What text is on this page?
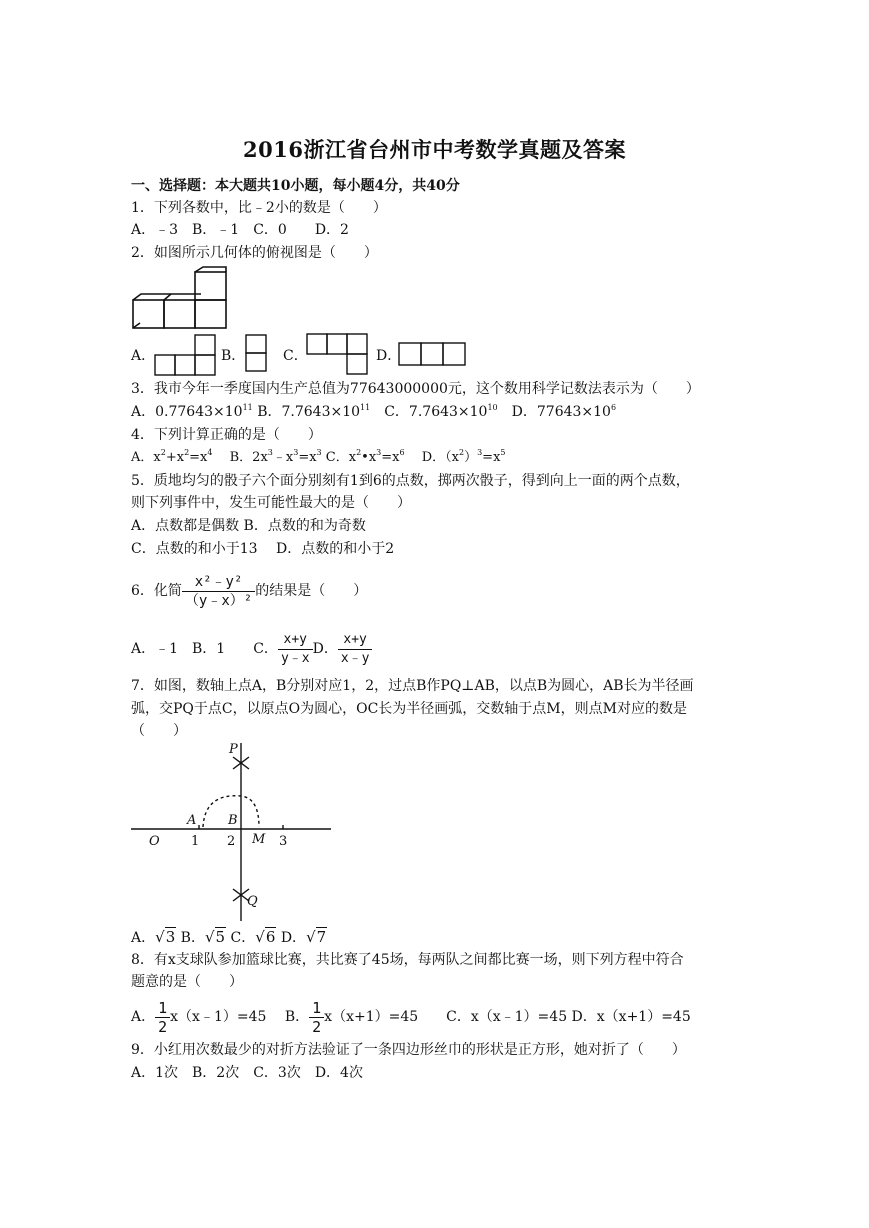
2016浙江省台州市中考数学真题及答案
一、选择题：本大题共10小题，每小题4分，共40分
1．下列各数中，比﹣2小的数是（　　）
A．﹣3　B．﹣1　C．0　　D．2
2．如图所示几何体的俯视图是（　　）
A．	B．	C．	D．
3．我市今年一季度国内生产总值为77643000000元，这个数用科学记数法表示为（　　）
A．$0.77643\times 10^{11}$ B．$7.7643\times 10^{11}$　C．$7.7643\times 10^{10}$　D．$77643\times 10^6$
4．下列计算正确的是（　　）
A．$x^2+x^2=x^4$　 B．$2x^3﹣x^3=x^3$ C．$x^2•x^3=x^6$　 D．$(x^2)^3=x^5$
5．质地均匀的骰子六个面分别刻有1到6的点数，掷两次骰子，得到向上一面的两个点数，
则下列事件中，发生可能性最大的是（　　）
A．点数都是偶数 B．点数的和为奇数
C．点数的和小于13　 D．点数的和小于2
6．化简 $\frac{\text{x²﹣y²}}{\text{（y﹣x）²}}$ 的结果是（　　）
A．﹣1　B．1　　C． $\frac{x+y}{y﹣x}$ D． $\frac{x+y}{x﹣y}$
7．如图，数轴上点A，B分别对应1，2，过点B作PQ⊥AB，以点B为圆心，AB长为半径画
弧，交PQ于点C，以原点O为圆心，OC长为半径画弧，交数轴于点M，则点M对应的数是
（　　）
P
Q
O
A B
M
1 2	3
A．√3 B．√5 C．√6 D．√7
8．有x支球队参加篮球比赛，共比赛了45场，每两队之间都比赛一场，则下列方程中符合
题意的是（　　）
A． $\frac{1}{2}$ x（x﹣1）=45　 B． $\frac{1}{2} x(x+1)=45$　　C．x（x﹣1）=45 D．x（x+1）=45
9．小红用次数最少的对折方法验证了一条四边形丝巾的形状是正方形，她对折了（　　）
A．1次　B．2次　C．3次　D．4次
